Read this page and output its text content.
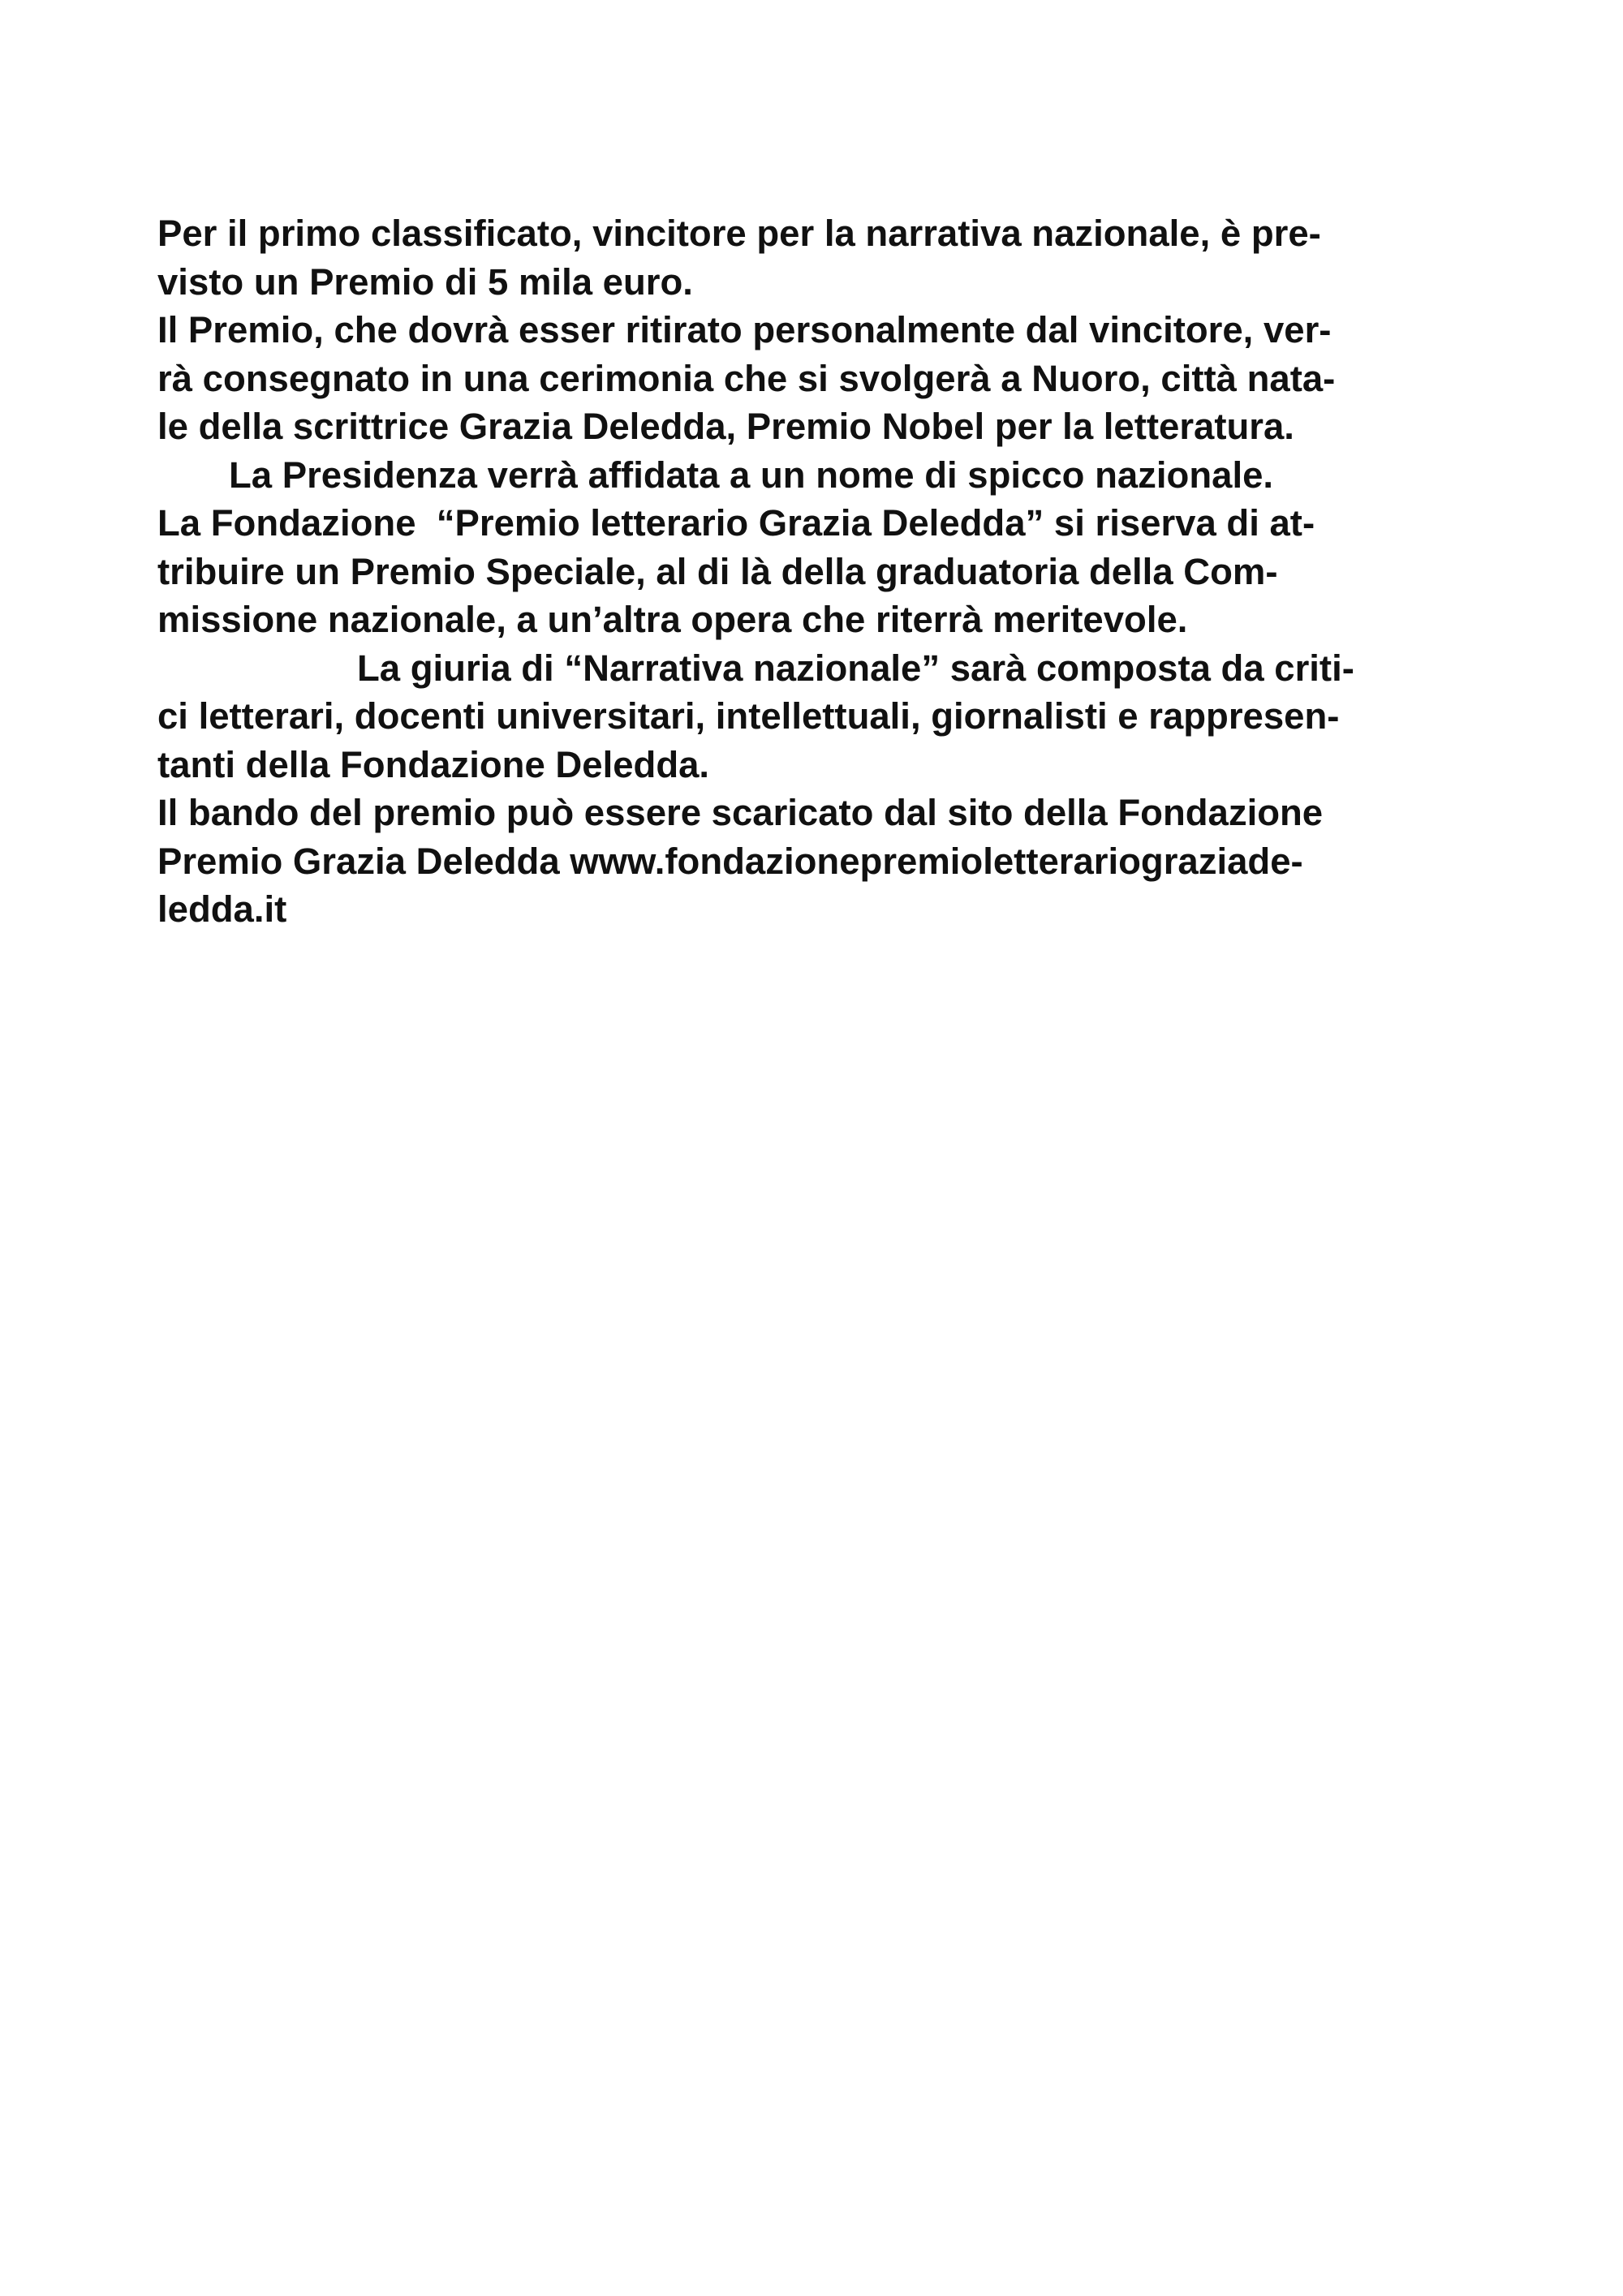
Per il primo classificato, vincitore per la narrativa nazionale, è pre-
visto un Premio di 5 mila euro.
Il Premio, che dovrà esser ritirato personalmente dal vincitore, ver-
rà consegnato in una cerimonia che si svolgerà a Nuoro, città nata-
le della scrittrice Grazia Deledda, Premio Nobel per la letteratura.
La Presidenza verrà affidata a un nome di spicco nazionale.
La Fondazione  “Premio letterario Grazia Deledda” si riserva di at-
tribuire un Premio Speciale, al di là della graduatoria della Com-
missione nazionale, a un’altra opera che riterrà meritevole.
La giuria di “Narrativa nazionale” sarà composta da criti-
ci letterari, docenti universitari, intellettuali, giornalisti e rappresen-
tanti della Fondazione Deledda.
Il bando del premio può essere scaricato dal sito della Fondazione
Premio Grazia Deledda www.fondazionepremioletterariograziade-
ledda.it
